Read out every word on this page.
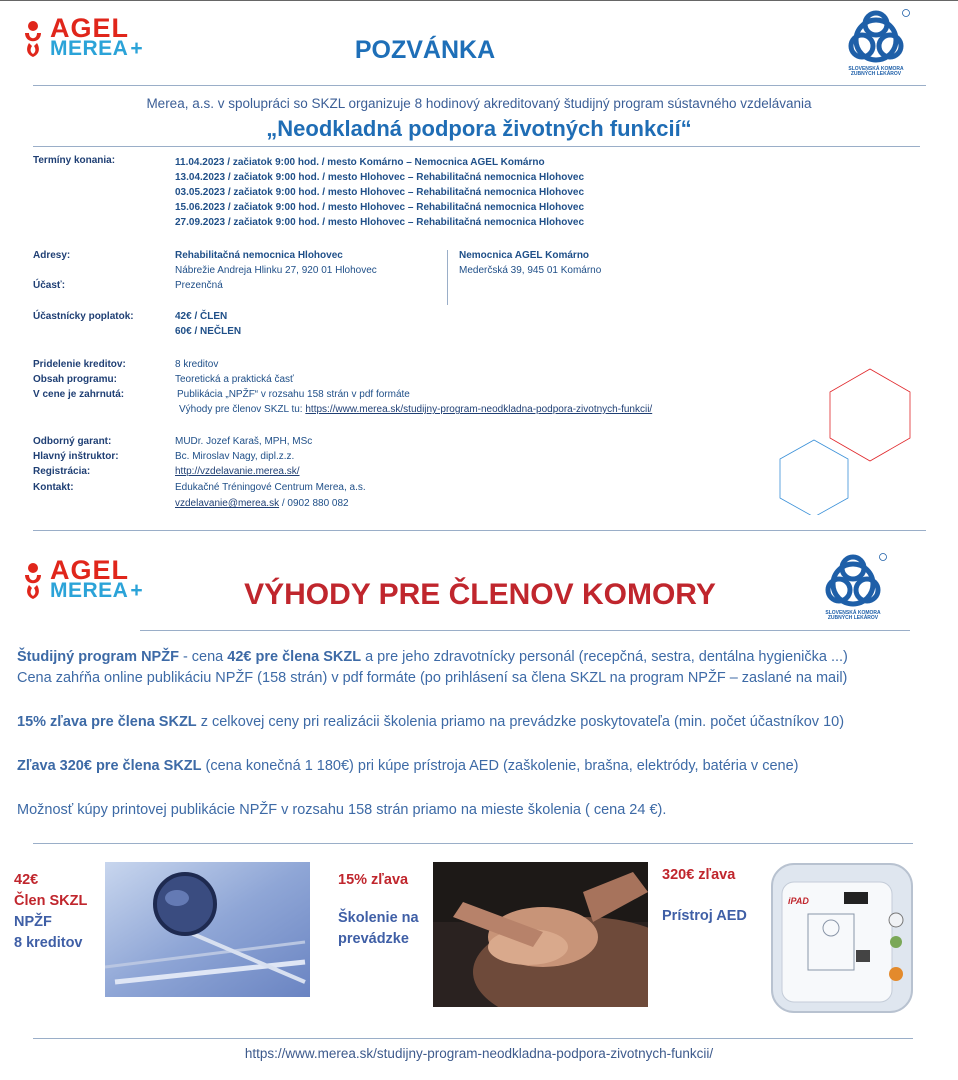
AGEL
MEREA+	POZVÁNKA
SLOVENSKÁ KOMORA
ZUBNÝCH LEKÁROV
Merea, a.s. v spolupráci so SKZL organizuje 8 hodinový akreditovaný študijný program sústavného vzdelávania
„Neodkladná podpora životných funkcií“
Termíny konania:	11.04.2023 / začiatok 9:00 hod. / mesto Komárno – Nemocnica AGEL Komárno
13.04.2023 / začiatok 9:00 hod. / mesto Hlohovec – Rehabilitačná nemocnica Hlohovec
03.05.2023 / začiatok 9:00 hod. / mesto Hlohovec – Rehabilitačná nemocnica Hlohovec
15.06.2023 / začiatok 9:00 hod. / mesto Hlohovec – Rehabilitačná nemocnica Hlohovec
27.09.2023 / začiatok 9:00 hod. / mesto Hlohovec – Rehabilitačná nemocnica Hlohovec
Adresy:	Rehabilitačná nemocnica Hlohovec
Nábrežie Andreja Hlinku 27, 920 01 Hlohovec
Nemocnica AGEL Komárno
Mederčská 39, 945 01 Komárno
Účasť:	Prezenčná
Účastnícky poplatok:	42€ / ČLEN
60€ / NEČLEN
Pridelenie kreditov:	8 kreditov
Obsah programu:	Teoretická a praktická časť
V cene je zahrnutá:	Publikácia „NPŽF“ v rozsahu 158 strán v pdf formáte
Výhody pre členov SKZL tu: https://www.merea.sk/studijny-program-neodkladna-podpora-zivotnych-funkcii/
Odborný garant:	MUDr. Jozef Karaš, MPH, MSc
Hlavný inštruktor:	Bc. Miroslav Nagy, dipl.z.z.
Registrácia:	http://vzdelavanie.merea.sk/
Kontakt:	Edukačné Tréningové Centrum Merea, a.s.
vzdelavanie@merea.sk / 0902 880 082
AGEL
MEREA+	VÝHODY PRE ČLENOV KOMORY
SLOVENSKÁ KOMORA
ZUBNÝCH LEKÁROV
Študijný program NPŽF - cena 42€ pre člena SKZL a pre jeho zdravotnícky personál (recepčná, sestra, dentálna hygienička ...)
Cena zahŕňa online publikáciu NPŽF (158 strán) v pdf formáte (po prihlásení sa člena SKZL na program NPŽF – zaslané na mail)
15% zľava pre člena SKZL z celkovej ceny pri realizácii školenia priamo na prevádzke poskytovateľa (min. počet účastníkov 10)
Zľava 320€ pre člena SKZL (cena konečná 1 180€) pri kúpe prístroja AED (zaškolenie, brašna, elektródy, batéria v cene)
Možnosť kúpy printovej publikácie NPŽF v rozsahu 158 strán priamo na mieste školenia ( cena 24 €).
42€
Člen SKZL
NPŽF
8 kreditov
15% zľava
Školenie na
prevádzke
320€ zľava
Prístroj AED
iPAD
https://www.merea.sk/studijny-program-neodkladna-podpora-zivotnych-funkcii/
